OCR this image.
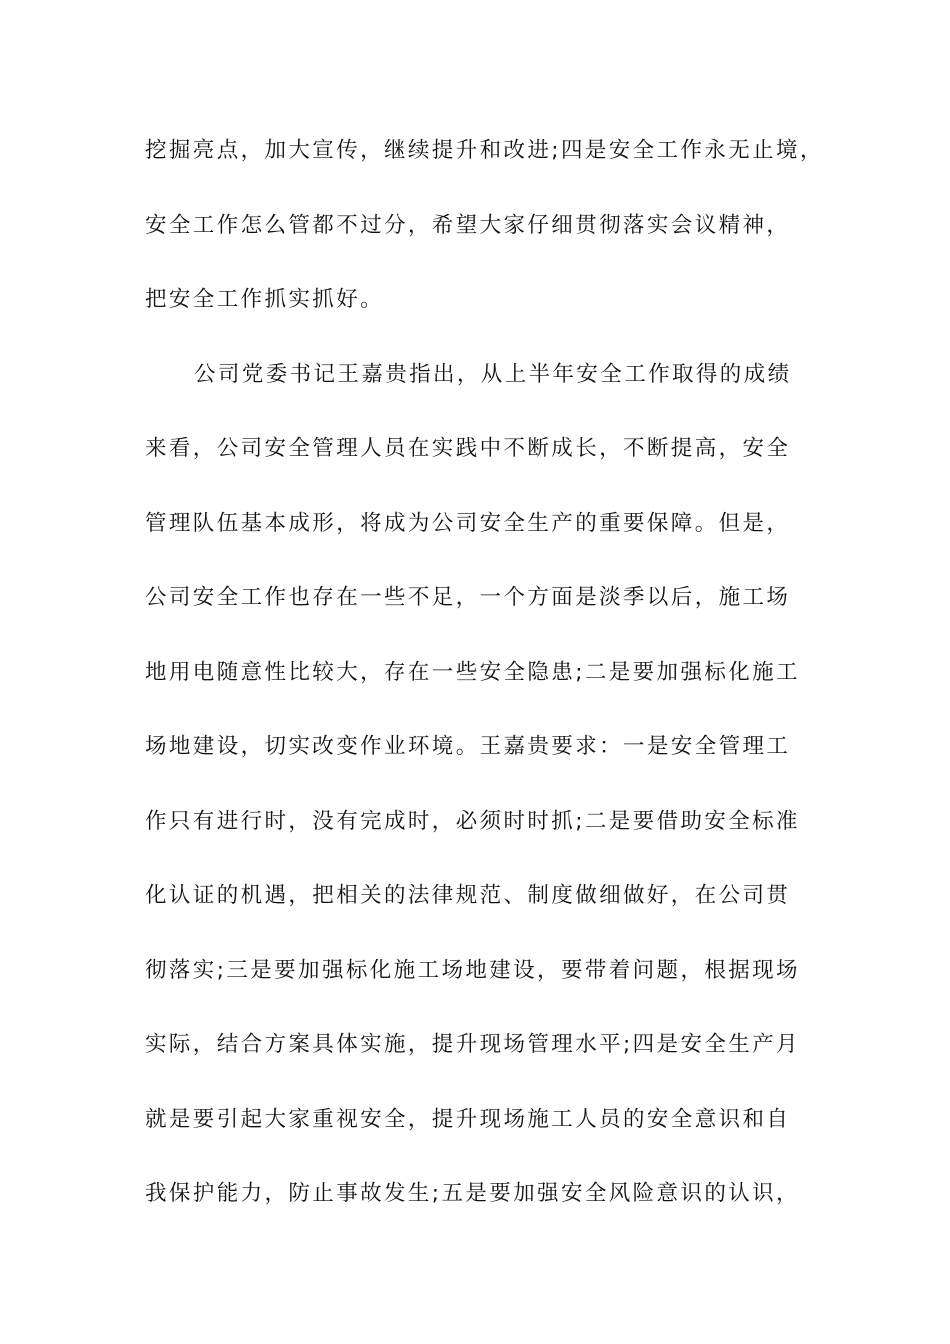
挖掘亮点，加大宣传，继续提升和改进;四是安全工作永无止境，
安全工作怎么管都不过分，希望大家仔细贯彻落实会议精神，
把安全工作抓实抓好。
公司党委书记王嘉贵指出，从上半年安全工作取得的成绩
来看，公司安全管理人员在实践中不断成长，不断提高，安全
管理队伍基本成形，将成为公司安全生产的重要保障。但是，
公司安全工作也存在一些不足，一个方面是淡季以后，施工场
地用电随意性比较大，存在一些安全隐患;二是要加强标化施工
场地建设，切实改变作业环境。王嘉贵要求：一是安全管理工
作只有进行时，没有完成时，必须时时抓;二是要借助安全标准
化认证的机遇，把相关的法律规范、制度做细做好，在公司贯
彻落实;三是要加强标化施工场地建设，要带着问题，根据现场
实际，结合方案具体实施，提升现场管理水平;四是安全生产月
就是要引起大家重视安全，提升现场施工人员的安全意识和自
我保护能力，防止事故发生;五是要加强安全风险意识的认识，
